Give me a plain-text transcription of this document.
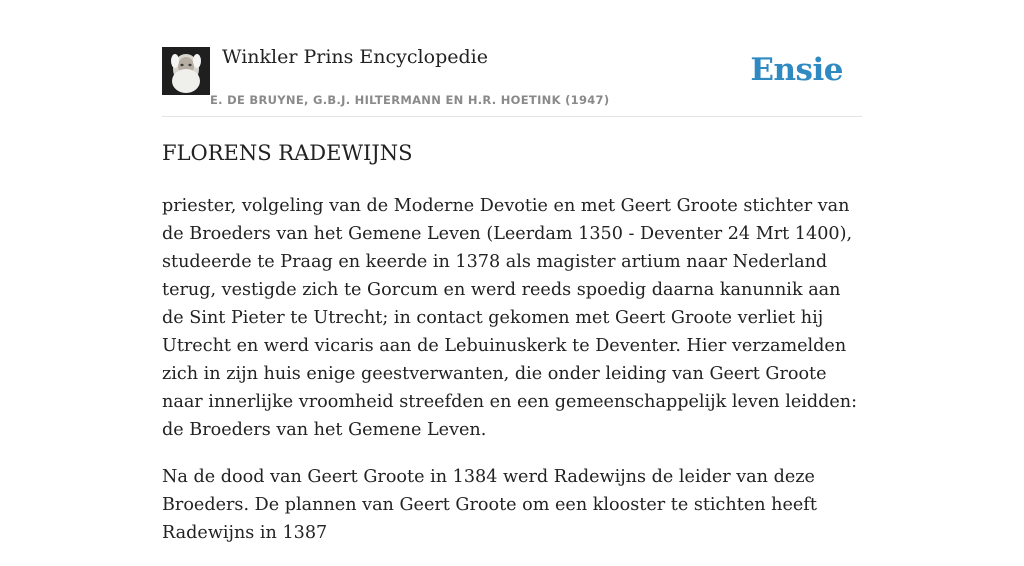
Winkler Prins Encyclopedie
E. DE BRUYNE, G.B.J. HILTERMANN EN H.R. HOETINK (1947)
Ensie
FLORENS RADEWIJNS

priester, volgeling van de Moderne Devotie en met Geert Groote stichter van de Broeders van het Gemene Leven (Leerdam 1350 - Deventer 24 Mrt 1400), studeerde te Praag en keerde in 1378 als magister artium naar Nederland terug, vestigde zich te Gorcum en werd reeds spoedig daarna kanunnik aan de Sint Pieter te Utrecht; in contact gekomen met Geert Groote verliet hij Utrecht en werd vicaris aan de Lebuinuskerk te Deventer. Hier verzamelden zich in zijn huis enige geestverwanten, die onder leiding van Geert Groote naar innerlijke vroomheid streefden en een gemeenschappelijk leven leidden: de Broeders van het Gemene Leven.

Na de dood van Geert Groote in 1384 werd Radewijns de leider van deze Broeders. De plannen van Geert Groote om een klooster te stichten heeft Radewijns in 1387
